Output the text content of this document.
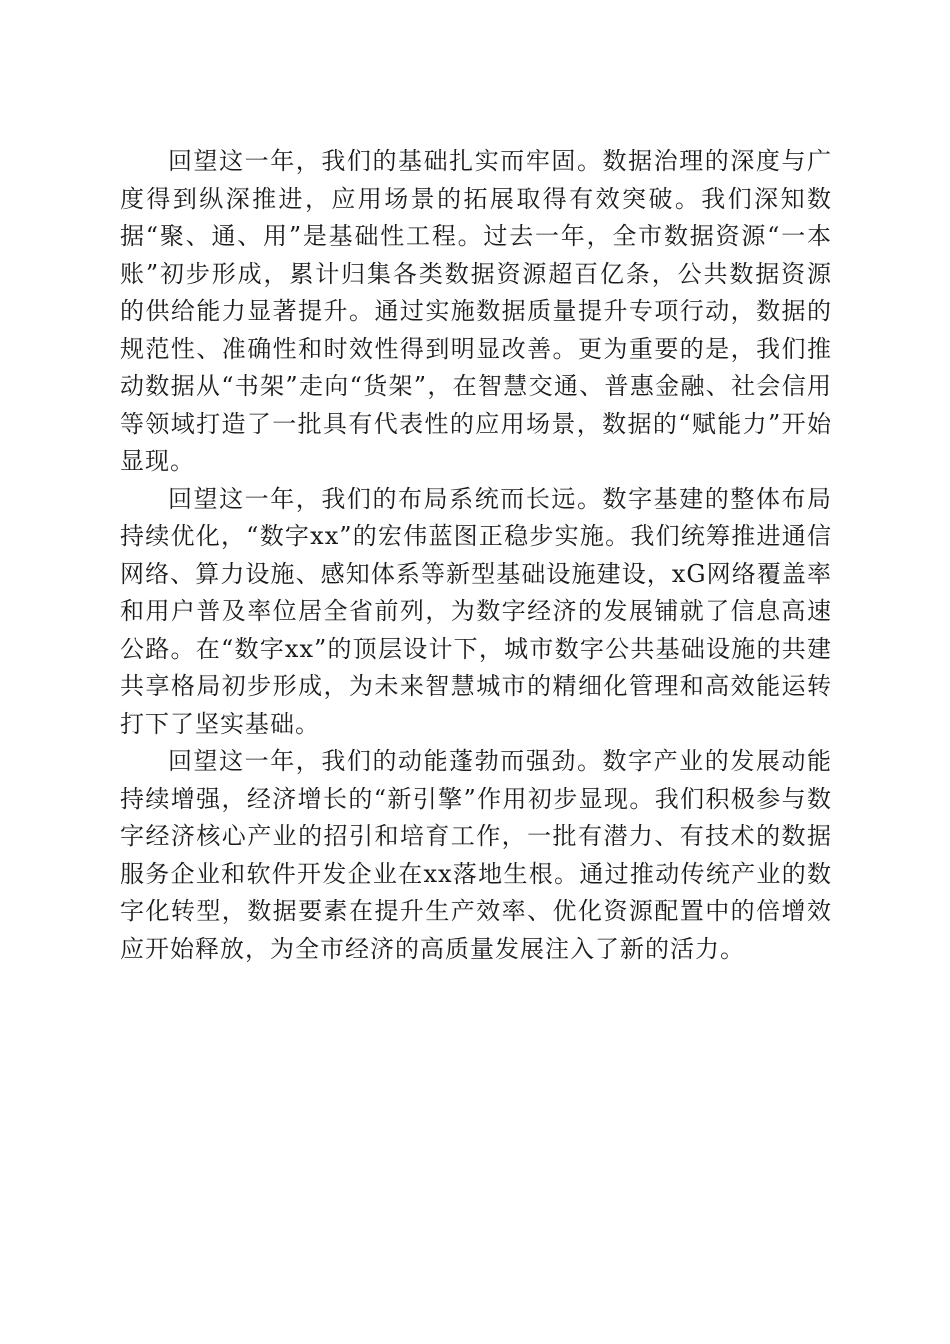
回望这一年，我们的基础扎实而牢固。数据治理的深度与广度得到纵深推进，应用场景的拓展取得有效突破。我们深知数据“聚、通、用”是基础性工程。过去一年，全市数据资源“一本账”初步形成，累计归集各类数据资源超百亿条，公共数据资源的供给能力显著提升。通过实施数据质量提升专项行动，数据的规范性、准确性和时效性得到明显改善。更为重要的是，我们推动数据从“书架”走向“货架”，在智慧交通、普惠金融、社会信用等领域打造了一批具有代表性的应用场景，数据的“赋能力”开始显现。

回望这一年，我们的布局系统而长远。数字基建的整体布局持续优化，“数字xx”的宏伟蓝图正稳步实施。我们统筹推进通信网络、算力设施、感知体系等新型基础设施建设，xG网络覆盖率和用户普及率位居全省前列，为数字经济的发展铺就了信息高速公路。在“数字xx”的顶层设计下，城市数字公共基础设施的共建共享格局初步形成，为未来智慧城市的精细化管理和高效能运转打下了坚实基础。

回望这一年，我们的动能蓬勃而强劲。数字产业的发展动能持续增强，经济增长的“新引擎”作用初步显现。我们积极参与数字经济核心产业的招引和培育工作，一批有潜力、有技术的数据服务企业和软件开发企业在xx落地生根。通过推动传统产业的数字化转型，数据要素在提升生产效率、优化资源配置中的倍增效应开始释放，为全市经济的高质量发展注入了新的活力。
